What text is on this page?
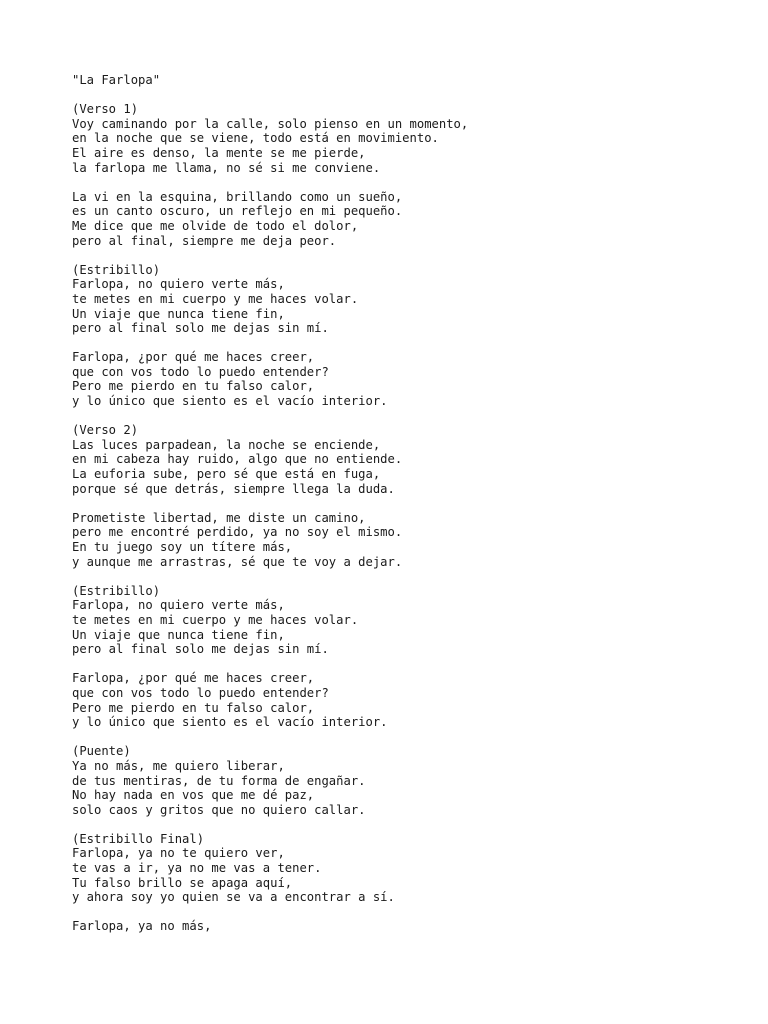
"La Farlopa"
(Verso 1)
Voy caminando por la calle, solo pienso en un momento,
en la noche que se viene, todo está en movimiento.
El aire es denso, la mente se me pierde,
la farlopa me llama, no sé si me conviene.
La vi en la esquina, brillando como un sueño,
es un canto oscuro, un reflejo en mi pequeño.
Me dice que me olvide de todo el dolor,
pero al final, siempre me deja peor.
(Estribillo)
Farlopa, no quiero verte más,
te metes en mi cuerpo y me haces volar.
Un viaje que nunca tiene fin,
pero al final solo me dejas sin mí.
Farlopa, ¿por qué me haces creer,
que con vos todo lo puedo entender?
Pero me pierdo en tu falso calor,
y lo único que siento es el vacío interior.
(Verso 2)
Las luces parpadean, la noche se enciende,
en mi cabeza hay ruido, algo que no entiende.
La euforia sube, pero sé que está en fuga,
porque sé que detrás, siempre llega la duda.
Prometiste libertad, me diste un camino,
pero me encontré perdido, ya no soy el mismo.
En tu juego soy un títere más,
y aunque me arrastras, sé que te voy a dejar.
(Estribillo)
Farlopa, no quiero verte más,
te metes en mi cuerpo y me haces volar.
Un viaje que nunca tiene fin,
pero al final solo me dejas sin mí.
Farlopa, ¿por qué me haces creer,
que con vos todo lo puedo entender?
Pero me pierdo en tu falso calor,
y lo único que siento es el vacío interior.
(Puente)
Ya no más, me quiero liberar,
de tus mentiras, de tu forma de engañar.
No hay nada en vos que me dé paz,
solo caos y gritos que no quiero callar.
(Estribillo Final)
Farlopa, ya no te quiero ver,
te vas a ir, ya no me vas a tener.
Tu falso brillo se apaga aquí,
y ahora soy yo quien se va a encontrar a sí.
Farlopa, ya no más,
